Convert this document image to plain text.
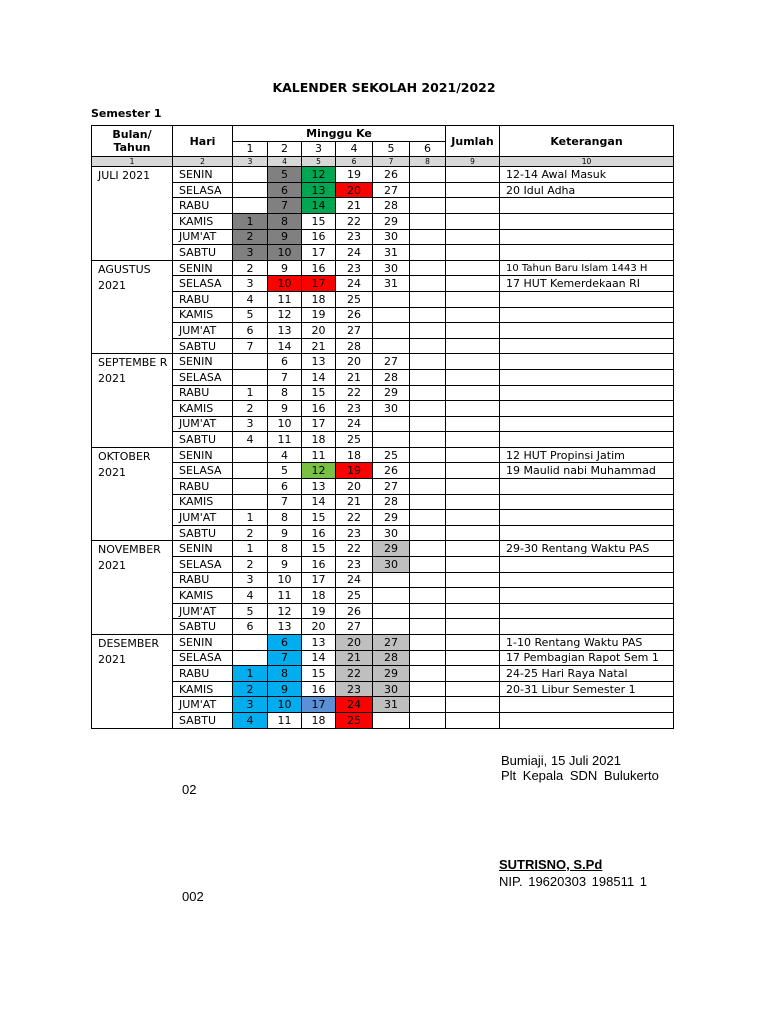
KALENDER SEKOLAH 2021/2022
Semester 1
Bulan/ Tahun	Hari	Minggu Ke						Jumlah	Keterangan
		1	2	3	4	5	6		
1	2	3	4	5	6	7	8	9	10
JULI 2021	SENIN		5	12	19	26			12-14 Awal Masuk
	SELASA		6	13	20	27			20 Idul Adha
	RABU		7	14	21	28			
	KAMIS	1	8	15	22	29			
	JUM'AT	2	9	16	23	30			
	SABTU	3	10	17	24	31			
AGUSTUS 2021	SENIN	2	9	16	23	30			10 Tahun Baru Islam 1443 H
	SELASA	3	10	17	24	31			17 HUT Kemerdekaan RI
	RABU	4	11	18	25				
	KAMIS	5	12	19	26				
	JUM'AT	6	13	20	27				
	SABTU	7	14	21	28				
SEPTEMBE R 2021	SENIN		6	13	20	27			
	SELASA		7	14	21	28			
	RABU	1	8	15	22	29			
	KAMIS	2	9	16	23	30			
	JUM'AT	3	10	17	24				
	SABTU	4	11	18	25				
OKTOBER 2021	SENIN		4	11	18	25			12 HUT Propinsi Jatim
	SELASA		5	12	19	26			19 Maulid nabi Muhammad
	RABU		6	13	20	27			
	KAMIS		7	14	21	28			
	JUM'AT	1	8	15	22	29			
	SABTU	2	9	16	23	30			
NOVEMBER 2021	SENIN	1	8	15	22	29			29-30 Rentang Waktu PAS
	SELASA	2	9	16	23	30			
	RABU	3	10	17	24				
	KAMIS	4	11	18	25				
	JUM'AT	5	12	19	26				
	SABTU	6	13	20	27				
DESEMBER 2021	SENIN		6	13	20	27			1-10 Rentang Waktu PAS
	SELASA		7	14	21	28			17 Pembagian Rapot Sem 1
	RABU	1	8	15	22	29			24-25 Hari Raya Natal
	KAMIS	2	9	16	23	30			20-31 Libur Semester 1
	JUM'AT	3	10	17	24	31			
	SABTU	4	11	18	25				
Bumiaji, 15 Juli 2021
Plt Kepala SDN Bulukerto
02
SUTRISNO, S.Pd
NIP. 19620303 198511 1
002
